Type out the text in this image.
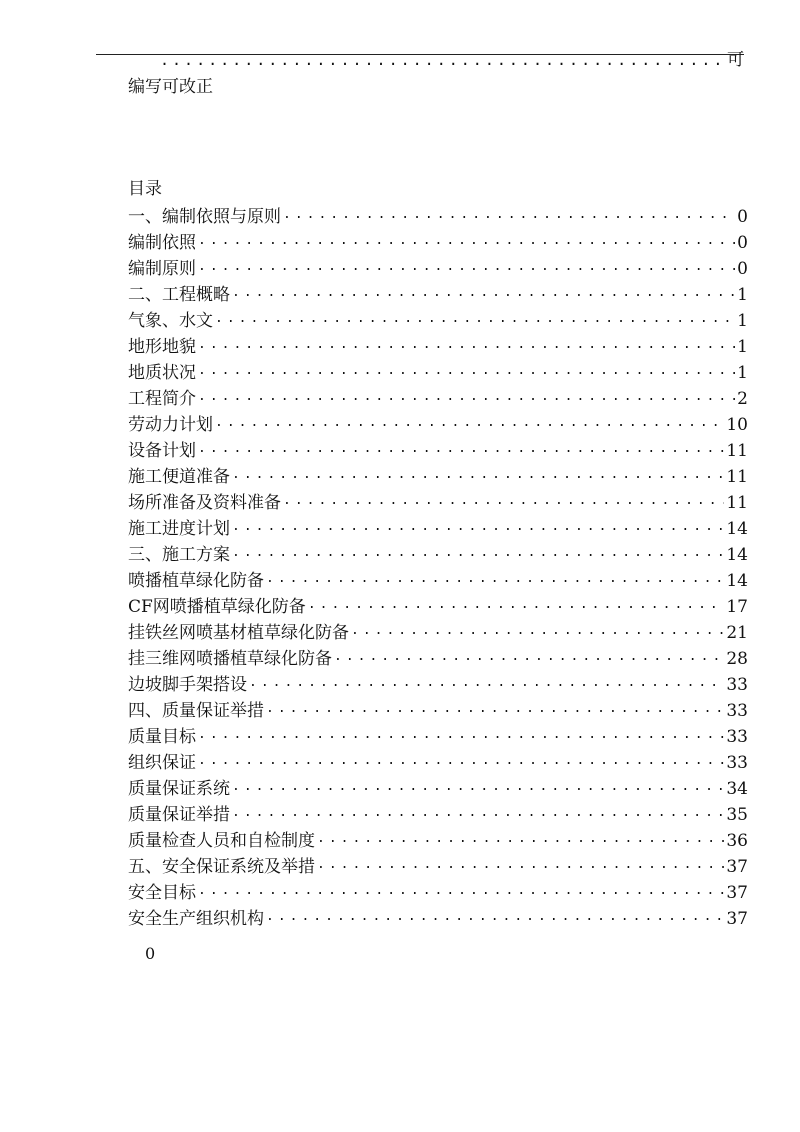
.....
可
编写可改正
目录
一、编制依照与原则 .....	0
编制依照 .....	0
编制原则 .....	0
二、工程概略 .....	1
气象、水文 .....	1
地形地貌 .....	1
地质状况 .....	1
工程简介 .....	2
劳动力计划 .....	10
设备计划 .....	11
施工便道准备 .....	11
场所准备及资料准备 .....	11
施工进度计划 .....	14
三、施工方案 .....	14
喷播植草绿化防备 .....	14
CF网喷播植草绿化防备 .....	17
挂铁丝网喷基材植草绿化防备 .....	21
挂三维网喷播植草绿化防备 .....	28
边坡脚手架搭设 .....	33
四、质量保证举措 .....	33
质量目标 .....	33
组织保证 .....	33
质量保证系统 .....	34
质量保证举措 .....	35
质量检查人员和自检制度 .....	36
五、安全保证系统及举措 .....	37
安全目标 .....	37
安全生产组织机构 .....	37
0
